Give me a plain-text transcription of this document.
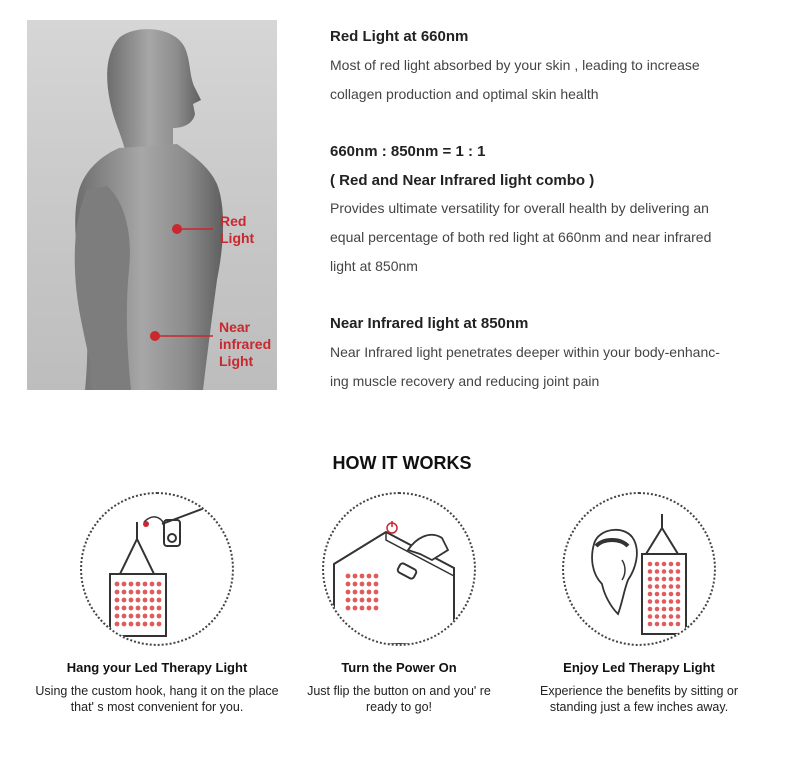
Red
Light
Near
infrared
Light

Red Light at 660nm

Most of red light absorbed by your skin , leading to increase

collagen production and optimal skin health

660nm : 850nm = 1 : 1

( Red and Near Infrared light combo )

Provides ultimate versatility for overall health by delivering an

equal percentage of both red light at 660nm and near infrared

light at 850nm

Near Infrared light at 850nm

Near Infrared light penetrates deeper within your body-enhanc-

ing muscle recovery and reducing joint pain

HOW IT WORKS
Hang your Led Therapy Light
Using the custom hook, hang it on the place
that' s most convenient for you.
Turn the Power On
Just flip the button on and you' re
ready to go!
Enjoy Led Therapy Light
Experience the benefits by sitting or
standing just a few inches away.
